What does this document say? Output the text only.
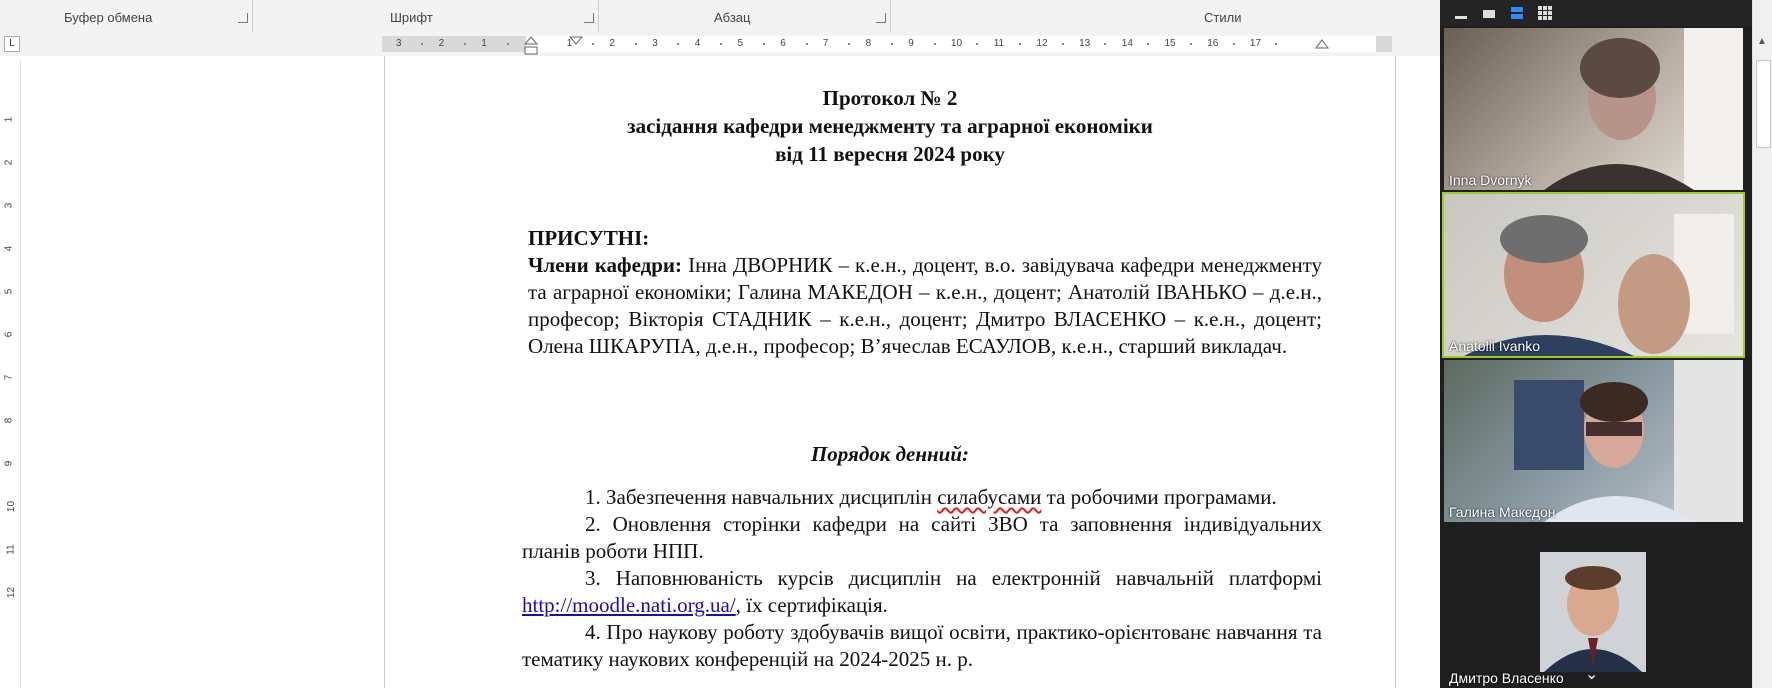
Буфер обмена	Шрифт	Абзац	Стили
L	3	2	1	1	2	3	4	5	6	7	8	9	10	11	12	13	14	15	16	17
1
2
3
4
5
6
7
8
9
10
11
12
Протокол № 2
засідання кафедри менеджменту та аграрної економіки
від 11 вересня 2024 року
ПРИСУТНІ:
Члени кафедри: Інна ДВОРНИК – к.е.н., доцент, в.о. завідувача кафедри менеджменту та аграрної економіки; Галина МАКЕДОН – к.е.н., доцент; Анатолій ІВАНЬКО – д.е.н., професор; Вікторія СТАДНИК – к.е.н., доцент; Дмитро ВЛАСЕНКО – к.е.н., доцент; Олена ШКАРУПА, д.е.н., професор; В’ячеслав ЕСАУЛОВ, к.е.н., старший викладач.
Порядок денний:

1. Забезпечення навчальних дисциплін силабусами та робочими програмами.

2. Оновлення сторінки кафедри на сайті ЗВО та заповнення індивідуальних планів роботи НПП.

3. Наповнюваність курсів дисциплін на електронній навчальній платформі http://moodle.nati.org.ua/, їх сертифікація.

4. Про наукову роботу здобувачів вищої освіти, практико-орієнтованє навчання та тематику наукових конференцій на 2024-2025 н. р.

Inna Dvornyk
Anatolii Ivanko
Галина Макєдон
Дмитро Власенко ⌄
▲
